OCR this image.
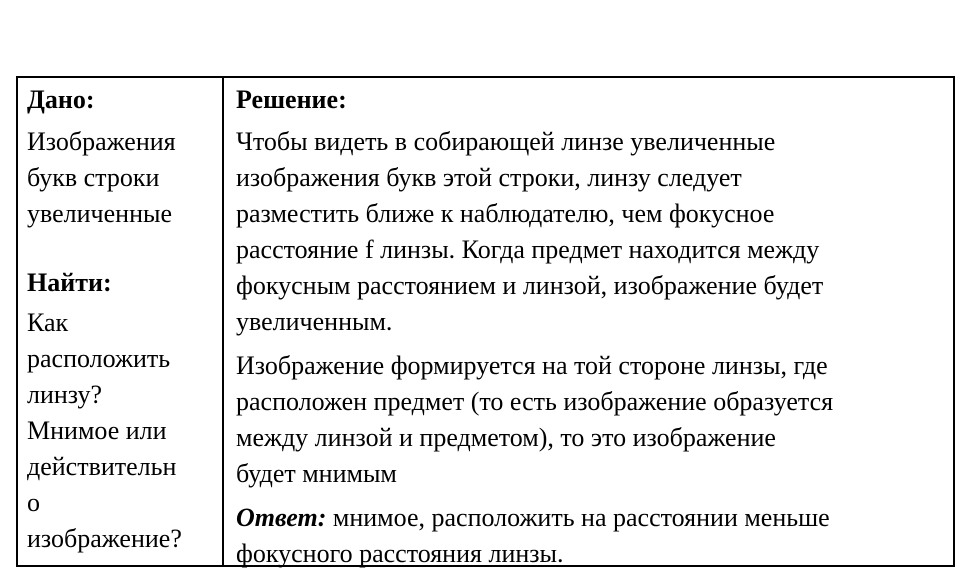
Дано:

Изображения
букв строки
увеличенные

Найти:

Как
расположить
линзу?
Мнимое или
действительн
о
изображение?

Решение:

Чтобы видеть в собирающей линзе увеличенные
изображения букв этой строки, линзу следует
разместить ближе к наблюдателю, чем фокусное
расстояние f линзы. Когда предмет находится между
фокусным расстоянием и линзой, изображение будет
увеличенным.
Изображение формируется на той стороне линзы, где
расположен предмет (то есть изображение образуется
между линзой и предметом), то это изображение
будет мнимым
Ответ: мнимое, расположить на расстоянии меньше
фокусного расстояния линзы.
